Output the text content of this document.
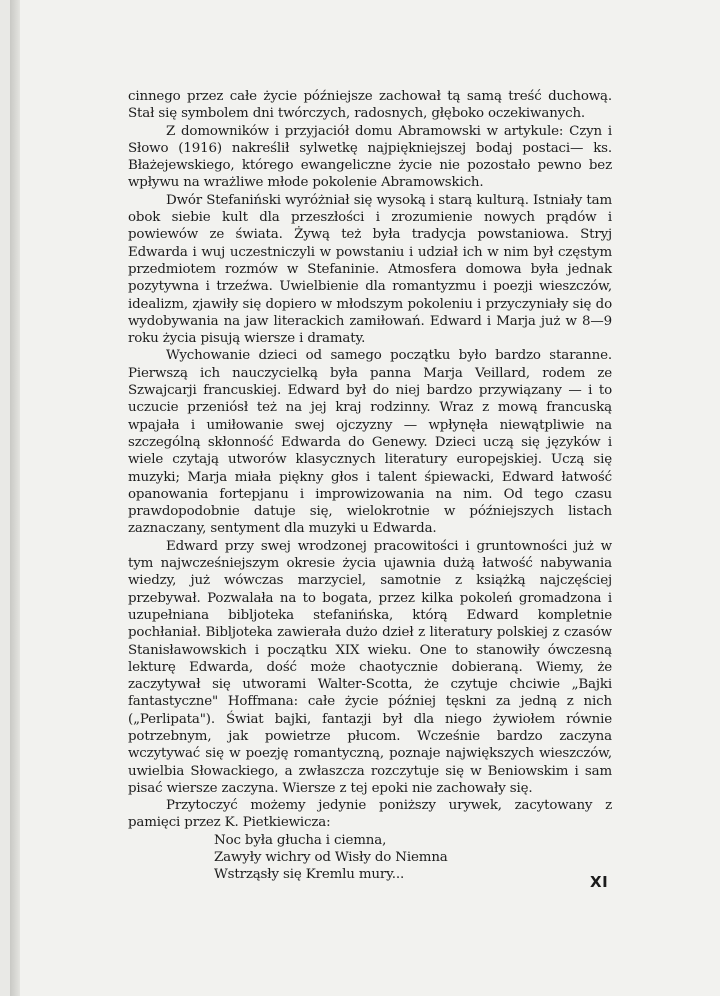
cinnego przez całe życie późniejsze zachował tą samą treść duchową. Stał się symbolem dni twórczych, radosnych, głęboko oczekiwanych.

Z domowników i przyjaciół domu Abramowski w artykule: Czyn i Słowo (1916) nakreślił sylwetkę najpiękniejszej bodaj postaci— ks. Błażejewskiego, którego ewangeliczne życie nie pozostało pewno bez wpływu na wrażliwe młode pokolenie Abramowskich.

Dwór Stefaniński wyróżniał się wysoką i starą kulturą. Istniały tam obok siebie kult dla przeszłości i zrozumienie nowych prądów i powiewów ze świata. Żywą też była tradycja powstaniowa. Stryj Edwarda i wuj uczestniczyli w powstaniu i udział ich w nim był częstym przedmiotem rozmów w Stefaninie. Atmosfera domowa była jednak pozytywna i trzeźwa. Uwielbienie dla romantyzmu i poezji wieszczów, idealizm, zjawiły się dopiero w młodszym pokoleniu i przyczyniały się do wydobywania na jaw literackich zamiłowań. Edward i Marja już w 8—9 roku życia pisują wiersze i dramaty.

Wychowanie dzieci od samego początku było bardzo staranne. Pierwszą ich nauczycielką była panna Marja Veillard, rodem ze Szwajcarji francuskiej. Edward był do niej bardzo przywiązany — i to uczucie przeniósł też na jej kraj rodzinny. Wraz z mową francuską wpajała i umiłowanie swej ojczyzny — wpłynęła niewątpliwie na szczególną skłonność Edwarda do Genewy. Dzieci uczą się języków i wiele czytają utworów klasycznych literatury europejskiej. Uczą się muzyki; Marja miała piękny głos i talent śpiewacki, Edward łatwość opanowania fortepjanu i improwizowania na nim. Od tego czasu prawdopodobnie datuje się, wielokrotnie w późniejszych listach zaznaczany, sentyment dla muzyki u Edwarda.

Edward przy swej wrodzonej pracowitości i gruntowności już w tym najwcześniejszym okresie życia ujawnia dużą łatwość nabywania wiedzy, już wówczas marzyciel, samotnie z książką najczęściej przebywał. Pozwalała na to bogata, przez kilka pokoleń gromadzona i uzupełniana bibljoteka stefanińska, którą Edward kompletnie pochłaniał. Bibljoteka zawierała dużo dzieł z literatury polskiej z czasów Stanisławowskich i początku XIX wieku. One to stanowiły ówczesną lekturę Edwarda, dość może chaotycznie dobieraną. Wiemy, że zaczytywał się utworami Walter-Scotta, że czytuje chciwie „Bajki fantastyczne" Hoffmana: całe życie później tęskni za jedną z nich („Perlipata"). Świat bajki, fantazji był dla niego żywiołem równie potrzebnym, jak powietrze płucom. Wcześnie bardzo zaczyna wczytywać się w poezję romantyczną, poznaje największych wieszczów, uwielbia Słowackiego, a zwłaszcza rozczytuje się w Beniowskim i sam pisać wiersze zaczyna. Wiersze z tej epoki nie zachowały się.

Przytoczyć możemy jedynie poniższy urywek, zacytowany z pamięci przez K. Pietkiewicza:

Noc była głucha i ciemna,
Zawyły wichry od Wisły do Niemna
Wstrząsły się Kremlu mury...	XI
